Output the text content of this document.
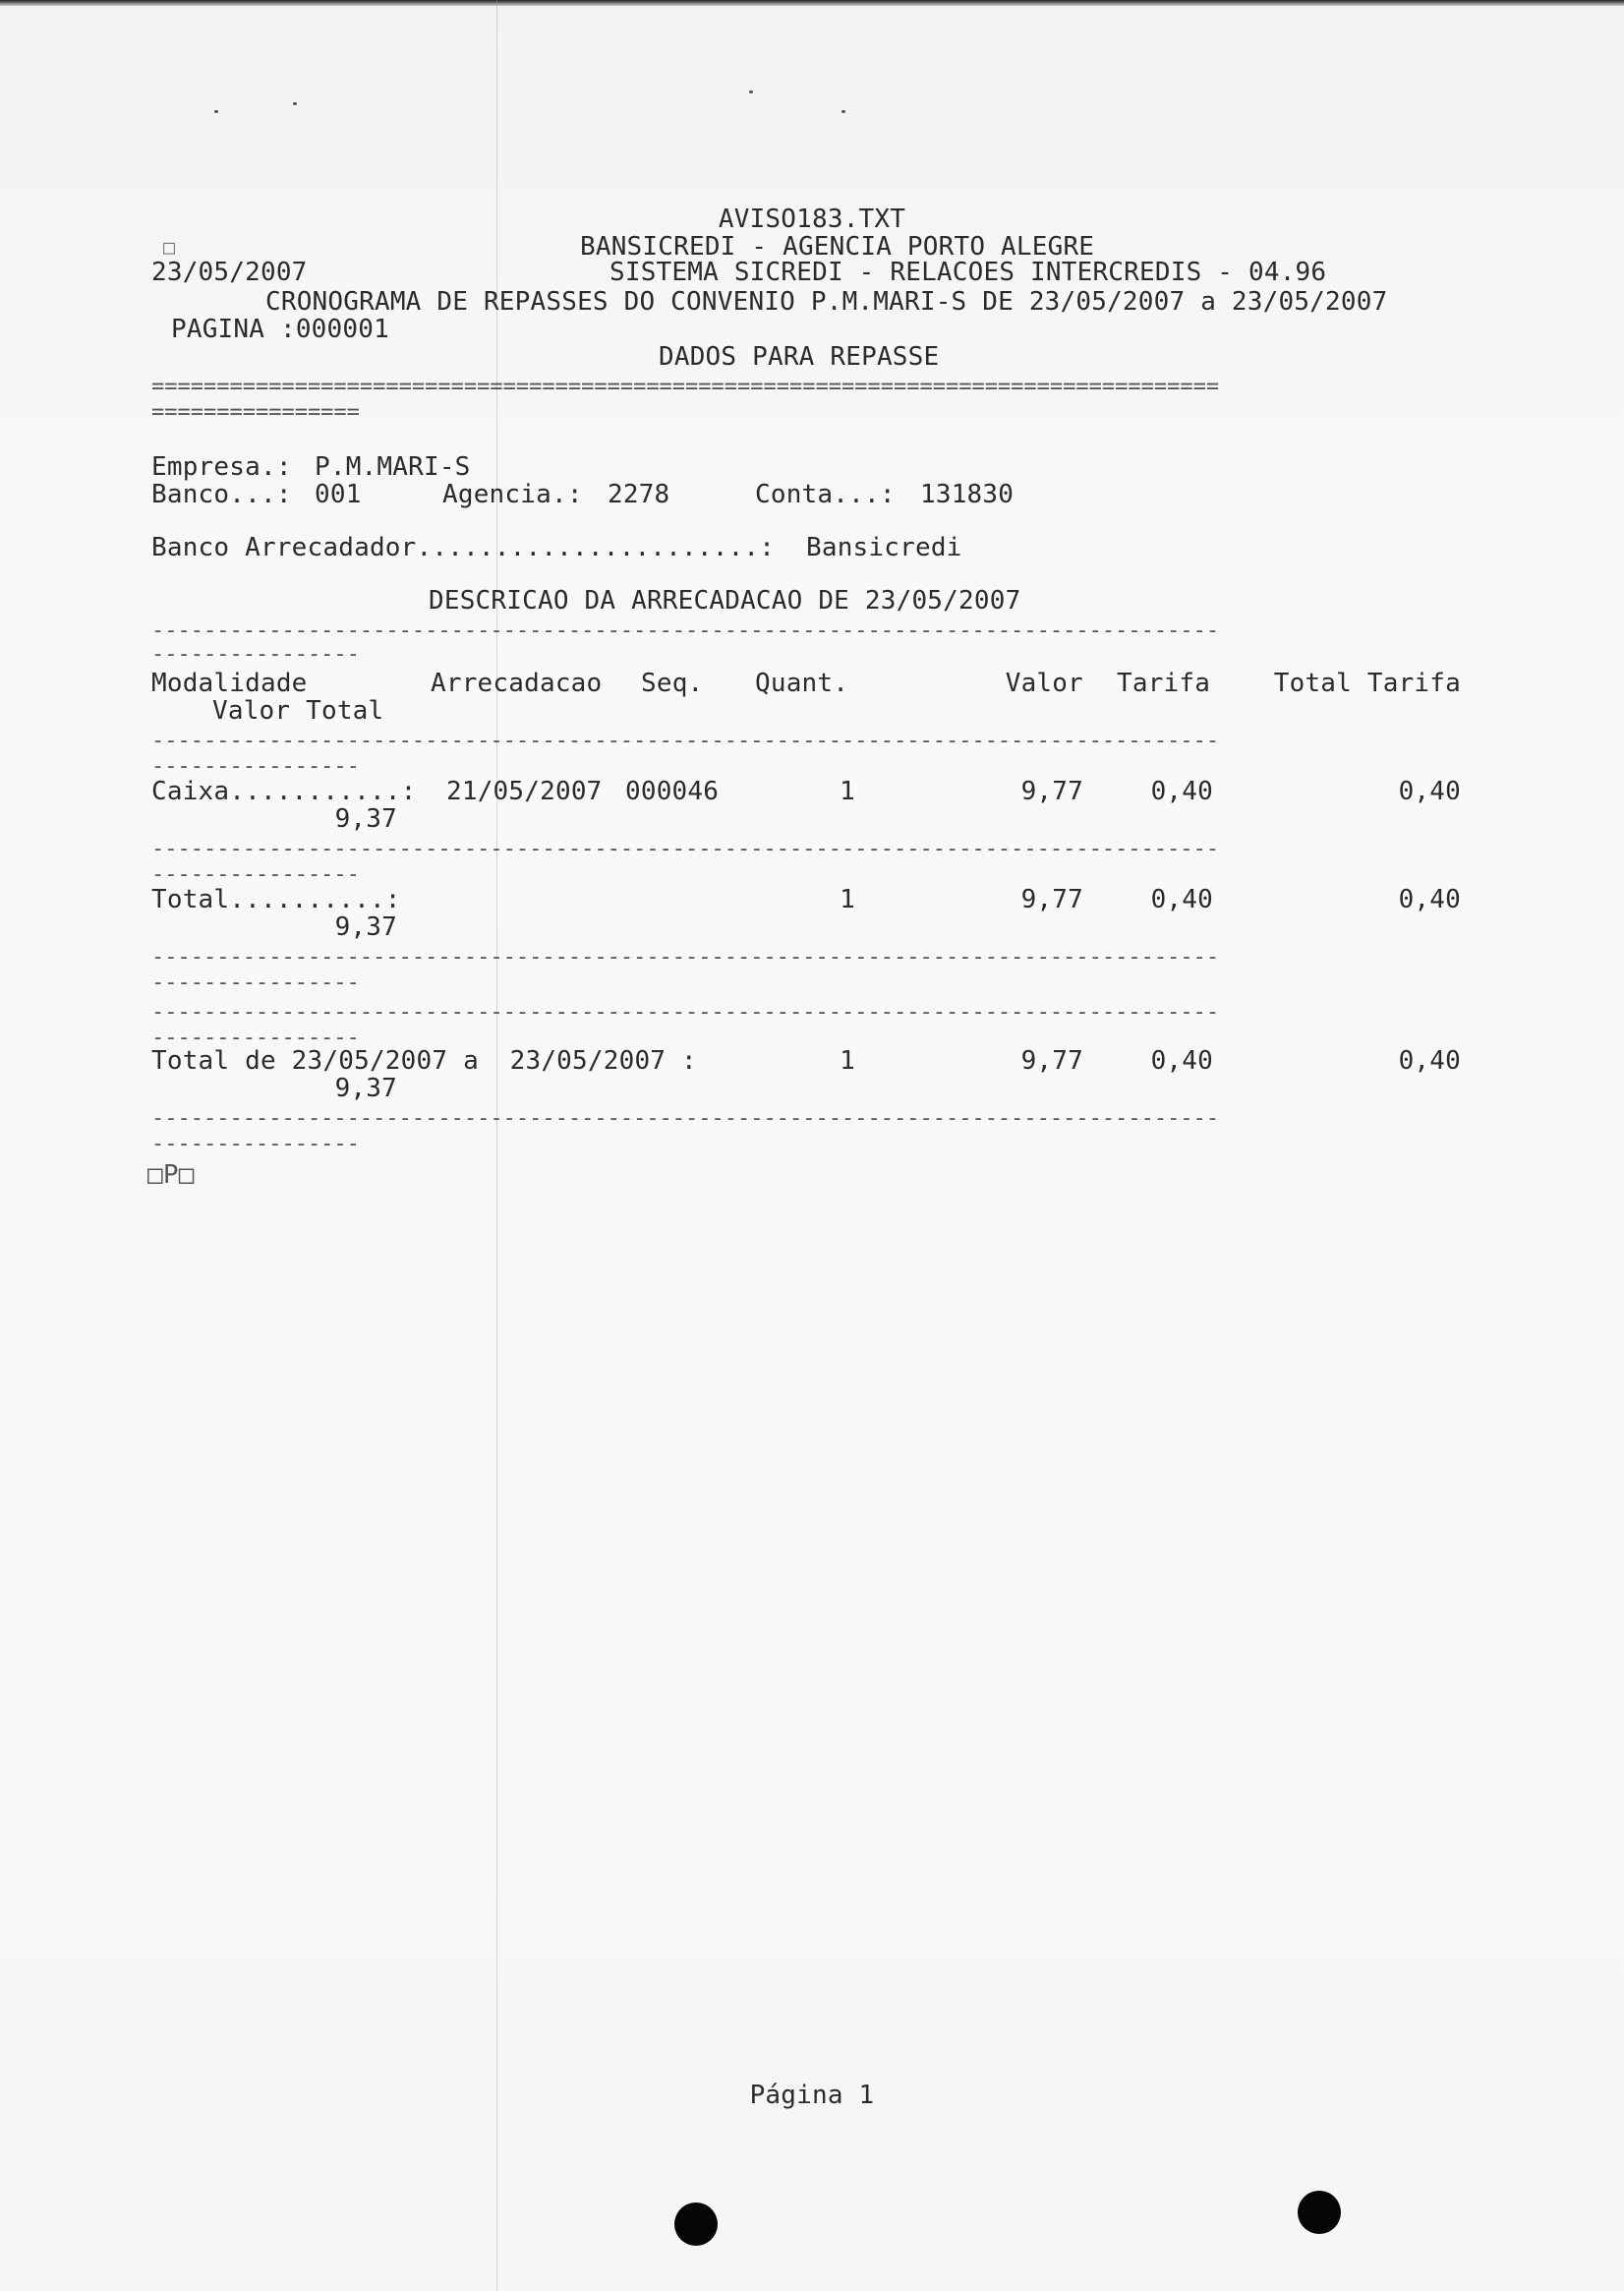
AVISO183.TXT
□	BANSICREDI - AGENCIA PORTO ALEGRE
23/05/2007	SISTEMA SICREDI - RELACOES INTERCREDIS - 04.96
CRONOGRAMA DE REPASSES DO CONVENIO P.M.MARI-S DE 23/05/2007 a 23/05/2007
PAGINA :000001
DADOS PARA REPASSE
==================================================================================
================
Empresa.: P.M.MARI-S
Banco...: 001	Agencia.: 2278	Conta...: 131830
Banco Arrecadador......................: Bansicredi
DESCRICAO DA ARRECADACAO DE 23/05/2007
----------------------------------------------------------------------------------
----------------
Modalidade	Arrecadacao Seq. Quant.	Valor Tarifa	Total Tarifa
Valor Total
----------------------------------------------------------------------------------
----------------
Caixa...........: 21/05/2007 000046	1	9,77	0,40	0,40
9,37
----------------------------------------------------------------------------------
----------------
Total..........:	1	9,77	0,40	0,40
9,37
----------------------------------------------------------------------------------
----------------
----------------------------------------------------------------------------------
----------------
Total de 23/05/2007 a  23/05/2007 :	1	9,77	0,40	0,40
9,37
----------------------------------------------------------------------------------
----------------
□P□
Página 1
